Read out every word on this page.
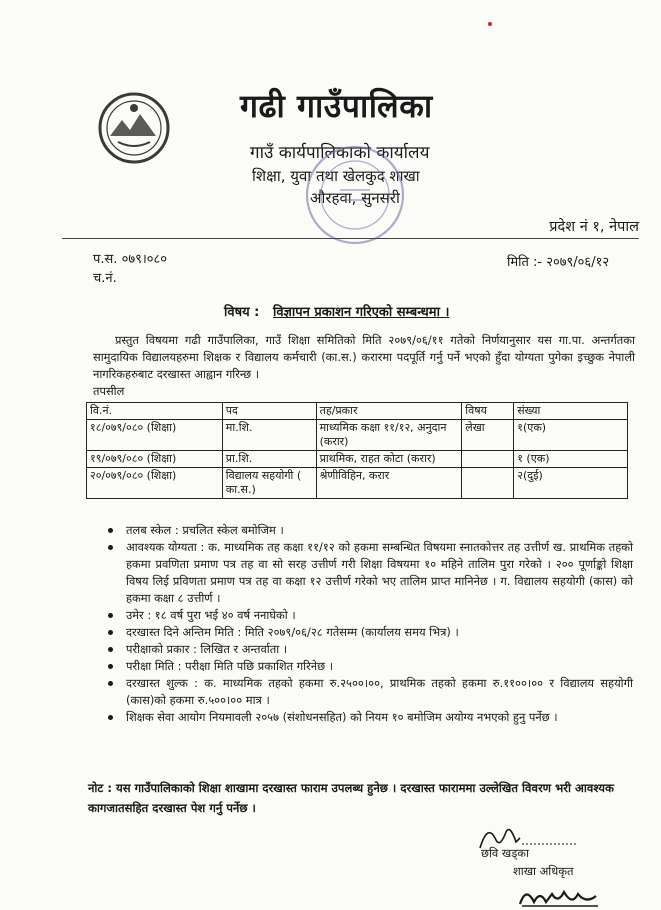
गढी गाउँपालिका
गाउँ कार्यपालिकाको कार्यालय
शिक्षा, युवा तथा खेलकुद शाखा
औरहवा, सुनसरी
प्रदेश नं १, नेपाल
प.स. ०७९।०८०
च.नं.
मिति :- २०७९/०६/१२
विषय : विज्ञापन प्रकाशन गरिएको सम्बन्धमा ।
प्रस्तुत विषयमा गढी गाउँपालिका, गाउँ शिक्षा समितिको मिति २०७९/०६/११ गतेको निर्णयानुसार यस गा.पा. अन्तर्गतका सामुदायिक विद्यालयहरुमा शिक्षक र विद्यालय कर्मचारी (का.स.) करारमा पदपूर्ति गर्नु पर्ने भएको हुँदा योग्यता पुगेका इच्छुक नेपाली नागरिकहरुबाट दरखास्त आह्वान गरिन्छ ।
तपसील
वि.नं.	पद	तह/प्रकार	विषय	संख्या
१८/०७९/०८० (शिक्षा)	मा.शि.	माध्यमिक कक्षा ११/१२, अनुदान (करार)	लेखा	१(एक)
१९/०७९/०८० (शिक्षा)	प्रा.शि.	प्राथमिक, राहत कोटा (करार)		१ (एक)
२०/०७९/०८० (शिक्षा)	विद्यालय सहयोगी ( का.स.)	श्रेणीविहिन, करार		२(दुई)
तलब स्केल : प्रचलित स्केल बमोजिम ।
आवश्यक योग्यता : क. माध्यमिक तह कक्षा ११/१२ को हकमा सम्बन्धित विषयमा स्नातकोत्तर तह उत्तीर्ण ख. प्राथमिक तहको हकमा प्रवणिता प्रमाण पत्र तह वा सो सरह उत्तीर्ण गरी शिक्षा विषयमा १० महिने तालिम पुरा गरेको । २०० पूर्णाङ्को शिक्षा विषय लिई प्रविणता प्रमाण पत्र तह वा कक्षा १२ उत्तीर्ण गरेको भए तालिम प्राप्त मानिनेछ । ग. विद्यालय सहयोगी (कास) को हकमा कक्षा ८ उत्तीर्ण ।
उमेर : १८ वर्ष पुरा भई ४० वर्ष ननाघेको ।
दरखास्त दिने अन्तिम मिति : मिति २०७९/०६/२८ गतेसम्म (कार्यालय समय भित्र) ।
परीक्षाको प्रकार : लिखित र अन्तर्वाता ।
परीक्षा मिति : परीक्षा मिति पछि प्रकाशित गरिनेछ ।
दरखास्त शुल्क : क. माध्यमिक तहको हकमा रु.२५००।००, प्राथमिक तहको हकमा रु.११००।०० र विद्यालय सहयोगी (कास)को हकमा रु.५००।०० मात्र ।
शिक्षक सेवा आयोग नियमावली २०५७ (संशोधनसहित) को नियम १० बमोजिम अयोग्य नभएको हुनु पर्नेछ ।
नोट : यस गाउँपालिकाको शिक्षा शाखामा दरखास्त फाराम उपलब्ध हुनेछ । दरखास्त फाराममा उल्लेखित विवरण भरी आवश्यक कागजातसहित दरखास्त पेश गर्नु पर्नेछ ।
छवि खड्का
शाखा अधिकृत
